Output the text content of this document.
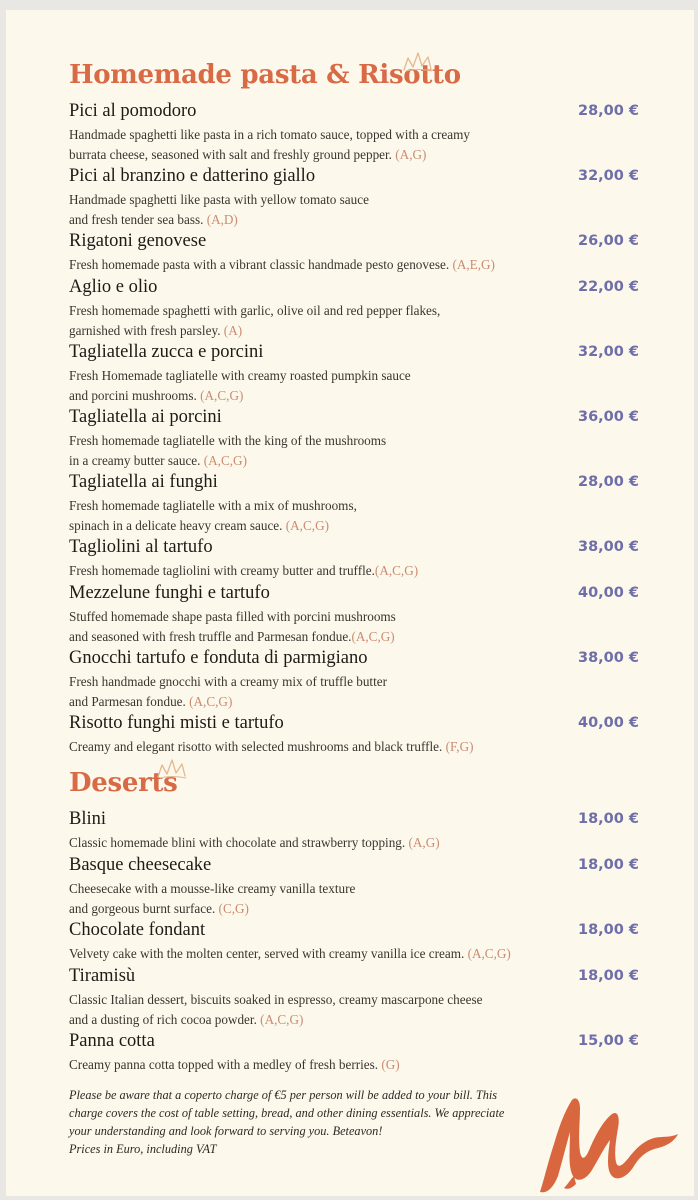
Homemade pasta & Risotto
Pici al pomodoro	28,00 €
Handmade spaghetti like pasta in a rich tomato sauce, topped with a creamy
burrata cheese, seasoned with salt and freshly ground pepper. (A,G)
Pici al branzino e datterino giallo	32,00 €
Handmade spaghetti like pasta with yellow tomato sauce
and fresh tender sea bass. (A,D)
Rigatoni genovese	26,00 €
Fresh homemade pasta with a vibrant classic handmade pesto genovese. (A,E,G)
Aglio e olio	22,00 €
Fresh homemade spaghetti with garlic, olive oil and red pepper flakes,
garnished with fresh parsley. (A)
Tagliatella zucca e porcini	32,00 €
Fresh Homemade tagliatelle with creamy roasted pumpkin sauce
and porcini mushrooms. (A,C,G)
Tagliatella ai porcini	36,00 €
Fresh homemade tagliatelle with the king of the mushrooms
in a creamy butter sauce. (A,C,G)
Tagliatella ai funghi	28,00 €
Fresh homemade tagliatelle with a mix of mushrooms,
spinach in a delicate heavy cream sauce. (A,C,G)
Tagliolini al tartufo	38,00 €
Fresh homemade tagliolini with creamy butter and truffle.(A,C,G)
Mezzelune funghi e tartufo	40,00 €
Stuffed homemade shape pasta filled with porcini mushrooms
and seasoned with fresh truffle and Parmesan fondue.(A,C,G)
Gnocchi tartufo e fonduta di parmigiano	38,00 €
Fresh handmade gnocchi with a creamy mix of truffle butter
and Parmesan fondue. (A,C,G)
Risotto funghi misti e tartufo	40,00 €
Creamy and elegant risotto with selected mushrooms and black truffle. (F,G)
Deserts
Blini	18,00 €
Classic homemade blini with chocolate and strawberry topping. (A,G)
Basque cheesecake	18,00 €
Cheesecake with a mousse-like creamy vanilla texture
and gorgeous burnt surface. (C,G)
Chocolate fondant	18,00 €
Velvety cake with the molten center, served with creamy vanilla ice cream. (A,C,G)
Tiramisù	18,00 €
Classic Italian dessert, biscuits soaked in espresso, creamy mascarpone cheese
and a dusting of rich cocoa powder. (A,C,G)
Panna cotta	15,00 €
Creamy panna cotta topped with a medley of fresh berries. (G)
Please be aware that a coperto charge of €5 per person will be added to your bill. This
charge covers the cost of table setting, bread, and other dining essentials. We appreciate
your understanding and look forward to serving you. Beteavon!
Prices in Euro, including VAT
